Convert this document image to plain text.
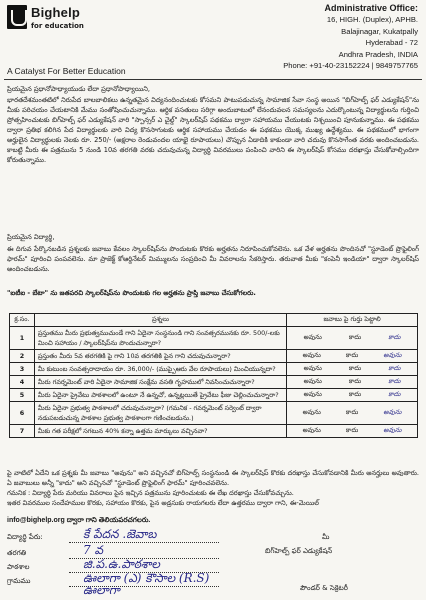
Bighelp
for education
A Catalyst For Better Education
Administrative Office:
16, HIGH. (Duplex), APHB.
Balajinagar, Kukatpally
Hyderabad - 72
Andhra Pradesh, INDIA
Phone: +91-40-23152224 | 9849757765
ప్రియమైన ప్రధానోపాధ్యాయుడు లేదా ప్రధానోపాధ్యాయిని,
భారతదేశమంతటిలో నిరుపేద బాలబాలికలు ఉన్నతమైన విద్యనందించుటకు కోసమని పాటుపడుచున్న సామాజిక సేవా సంస్థ అయిన "బిగ్‌హెల్ప్ ఫర్ ఎడ్యుకేషన్"ను మీకు పరిచయం చేయటానికి మేము సంతోషించుచున్నాము. ఆర్థిక వసతులు సరిగ్గా అందుబాటులో లేనందువలన సమస్యలను ఎదుర్కొంటున్న విద్యార్థులను గుర్తించి ప్రోత్సహించుటకు బిగ్‌హెల్ప్ ఫర్ ఎడ్యుకేషన్ వారి "స్పాన్సర్ ఎ చైల్డ్" స్కాలర్‌షిప్ పథకము ద్వారా సహాయము చేయుటకు నిశ్చయించి పూనుకున్నాము. ఈ పథకము ద్వారా ప్రతిభ కలిగిన పేద విద్యార్థులకు వారి విద్య కొనసాగుటకు ఆర్థిక సహాయము చేయడం ఈ పథకము యొక్క ముఖ్య ఉద్దేశ్యము. ఈ పథకములో భాగంగా అర్హులైన విద్యార్థులకు నెలకు రూ. 250/- (అక్షరాల రెండువందల యాభై రూపాయలు) చొప్పున ఏడాదికి కాకుండా వారి చదువు కొనసాగేంత వరకు అందించబడును. కాబట్టి మీరు ఈ పత్రమును 5 నుండి 10వ తరగతి వరకు చదువుచున్న విద్యార్థి వివరములు పంపించి వారిని ఈ స్కాలర్‌షిప్ కోసము దరఖాస్తు చేసుకోవాల్సిందిగా కోరుతున్నాము.
ప్రియమైన విద్యార్థి,
ఈ దిగువ పేర్కొనబడిన ప్రశ్నలకు జవాబు కేవలం స్కాలర్‌షిప్‌ను పొందుటకు కొరకు అర్హతను నిరూపించుకోవలెను. ఒక వేళ అర్హతను పొందినచో "స్టూడెంట్ ప్రొఫైలింగ్ ఫారమ్" పూరించి పంపవలెను. మా ప్రాజెక్ట్ కోఆర్డినేటర్ మిమ్ములను సంప్రదించి మీ వివరాలను సేకరిస్తారు. తరువాత మీకు "కంపెనీ ఇండియా" ద్వారా స్కాలర్‌షిప్ అందించబడును.
"ఐటీఐ - బేటా" ను జతపరచి స్కాలర్‌షిప్‌ను పొందుటకు గల అర్హతను ప్రాప్తి జవాబు చేసుకోగలరు.
క్ర.సం.	ప్రశ్నలు	జవాబు పై గుర్తు పెట్టాలి
1	ప్రస్తుతము మీరు ప్రభుత్వముచుండే గాని ఏదైనా సంస్థనుండి గాని సంవత్సరమునకు రూ. 500/-లకు మించి సహాయం / స్కాలర్‌షిప్‌ను పొందుచున్నారా?	అవును కాదు కాదు

2	ప్రస్తుతం మీరు 5వ తరగతికి పై గాని 10వ తరగతికి పైన గాని చదువుచున్నారా?	అవును కాదు అవును

3	మీ కుటుంబ సంవత్సరాదాయం రూ. 36,000/- (ముప్పైఆరు వేల రూపాయలు) మించియున్నదా?	అవును కాదు కాదు

4	మీరు గవర్నమెంట్ వారి ఏదైనా సామాజిక సంక్షేమ వసతి గృహములో నివసించుచున్నారా?	అవును కాదు కాదు

5	మీరు ఏదైనా ప్రైవేటు పాఠశాలలో ఉంటూ నే ఉన్నచో, ఉన్నట్లయితే ప్రైవేటు ఫీజు చెల్లించుచున్నారా?	అవును కాదు కాదు

6	మీరు ఏదైనా ప్రభుత్వ పాఠశాలలో చదువుచున్నారా? (గమనిక - గవర్నమెంట్ సర్వెంట్ ద్వారా నడుపబడుచున్న పాఠశాల ప్రభుత్వ పాఠశాలగా గణించబడును.)	అవును కాదు అవును

7	మీకు గత పరీక్షలో సగటున 40% కన్నా ఉత్తమ మార్కులు వచ్చినవా?	అవును కాదు అవును
పై వాటిలో ఏదేని ఒక ప్రశ్నకు మీ జవాబు "అవును" అని వచ్చినచో బిగ్‌హెల్ప్ సంస్థనుండి ఈ స్కాలర్‌షిప్ కొరకు దరఖాస్తు చేసుకోవడానికి మీరు అనర్హులు అవుతారు. ఏ జవాబులు అన్నీ "కాదు" అని వచ్చినచో "స్టూడెంట్ ప్రొఫైలింగ్ ఫారమ్" పూరించవలెను.
గమనిక : విద్యార్థి పేరు మరియు వివరాలు పైన ఇచ్చిన పత్రమును పూరించుటకు ఈ లేఖ దరఖాస్తు చేసుకోవచ్చును.
ఇతర వివరముల సందేహముల కొరకు, సహాయం కొరకు, పైన అడ్రసుకు రాయగలరు లేదా ఉత్తరము ద్వారా గాని, ఈ-మెయిల్
info@bighelp.org ద్వారా గాని తెలియపరచగలరు.
విద్యార్థి పేరు:	కే పేదన .జెవాబ
తరగతి	7 వ
పాఠశాల	జి.ప.ఉ.పాఠశాల
గ్రామము	ఊలాగా (ఎ) కౌసాల (R.S)
ఊలాగా
మీ
బిగ్‌హెల్ప్ ఫర్ ఎడ్యుకేషన్
పౌండర్ & సెక్రెటరీ
